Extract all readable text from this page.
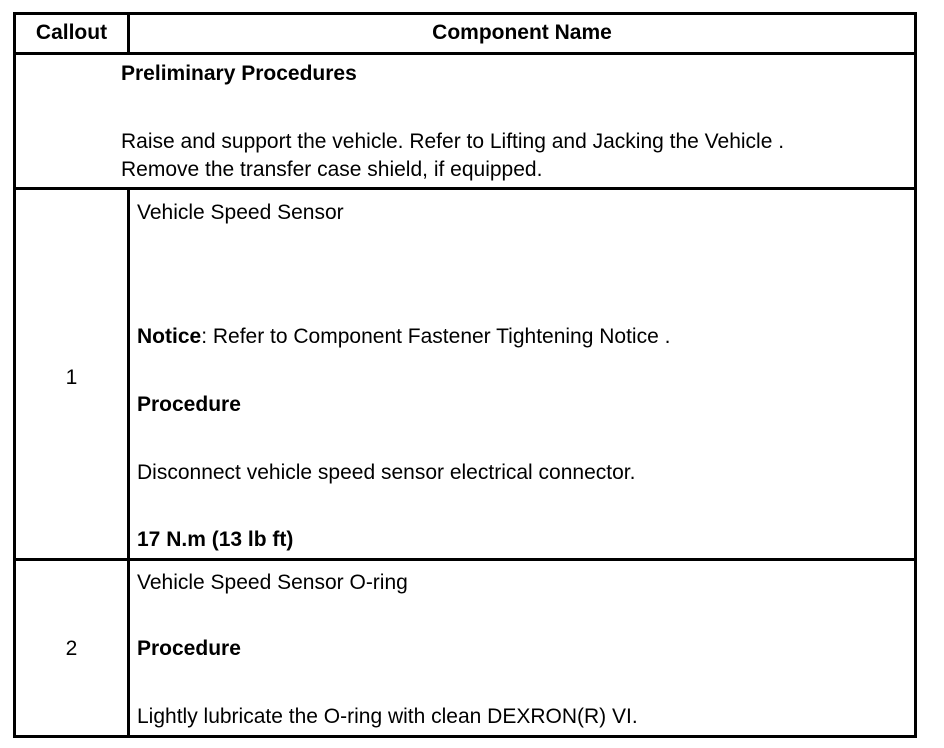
Callout	Component Name
Preliminary Procedures
Raise and support the vehicle. Refer to Lifting and Jacking the Vehicle .
Remove the transfer case shield, if equipped.
1
Vehicle Speed Sensor
Notice: Refer to Component Fastener Tightening Notice .
Procedure
Disconnect vehicle speed sensor electrical connector.
17 N.m (13 lb ft)
2
Vehicle Speed Sensor O-ring
Procedure
Lightly lubricate the O-ring with clean DEXRON(R) VI.
